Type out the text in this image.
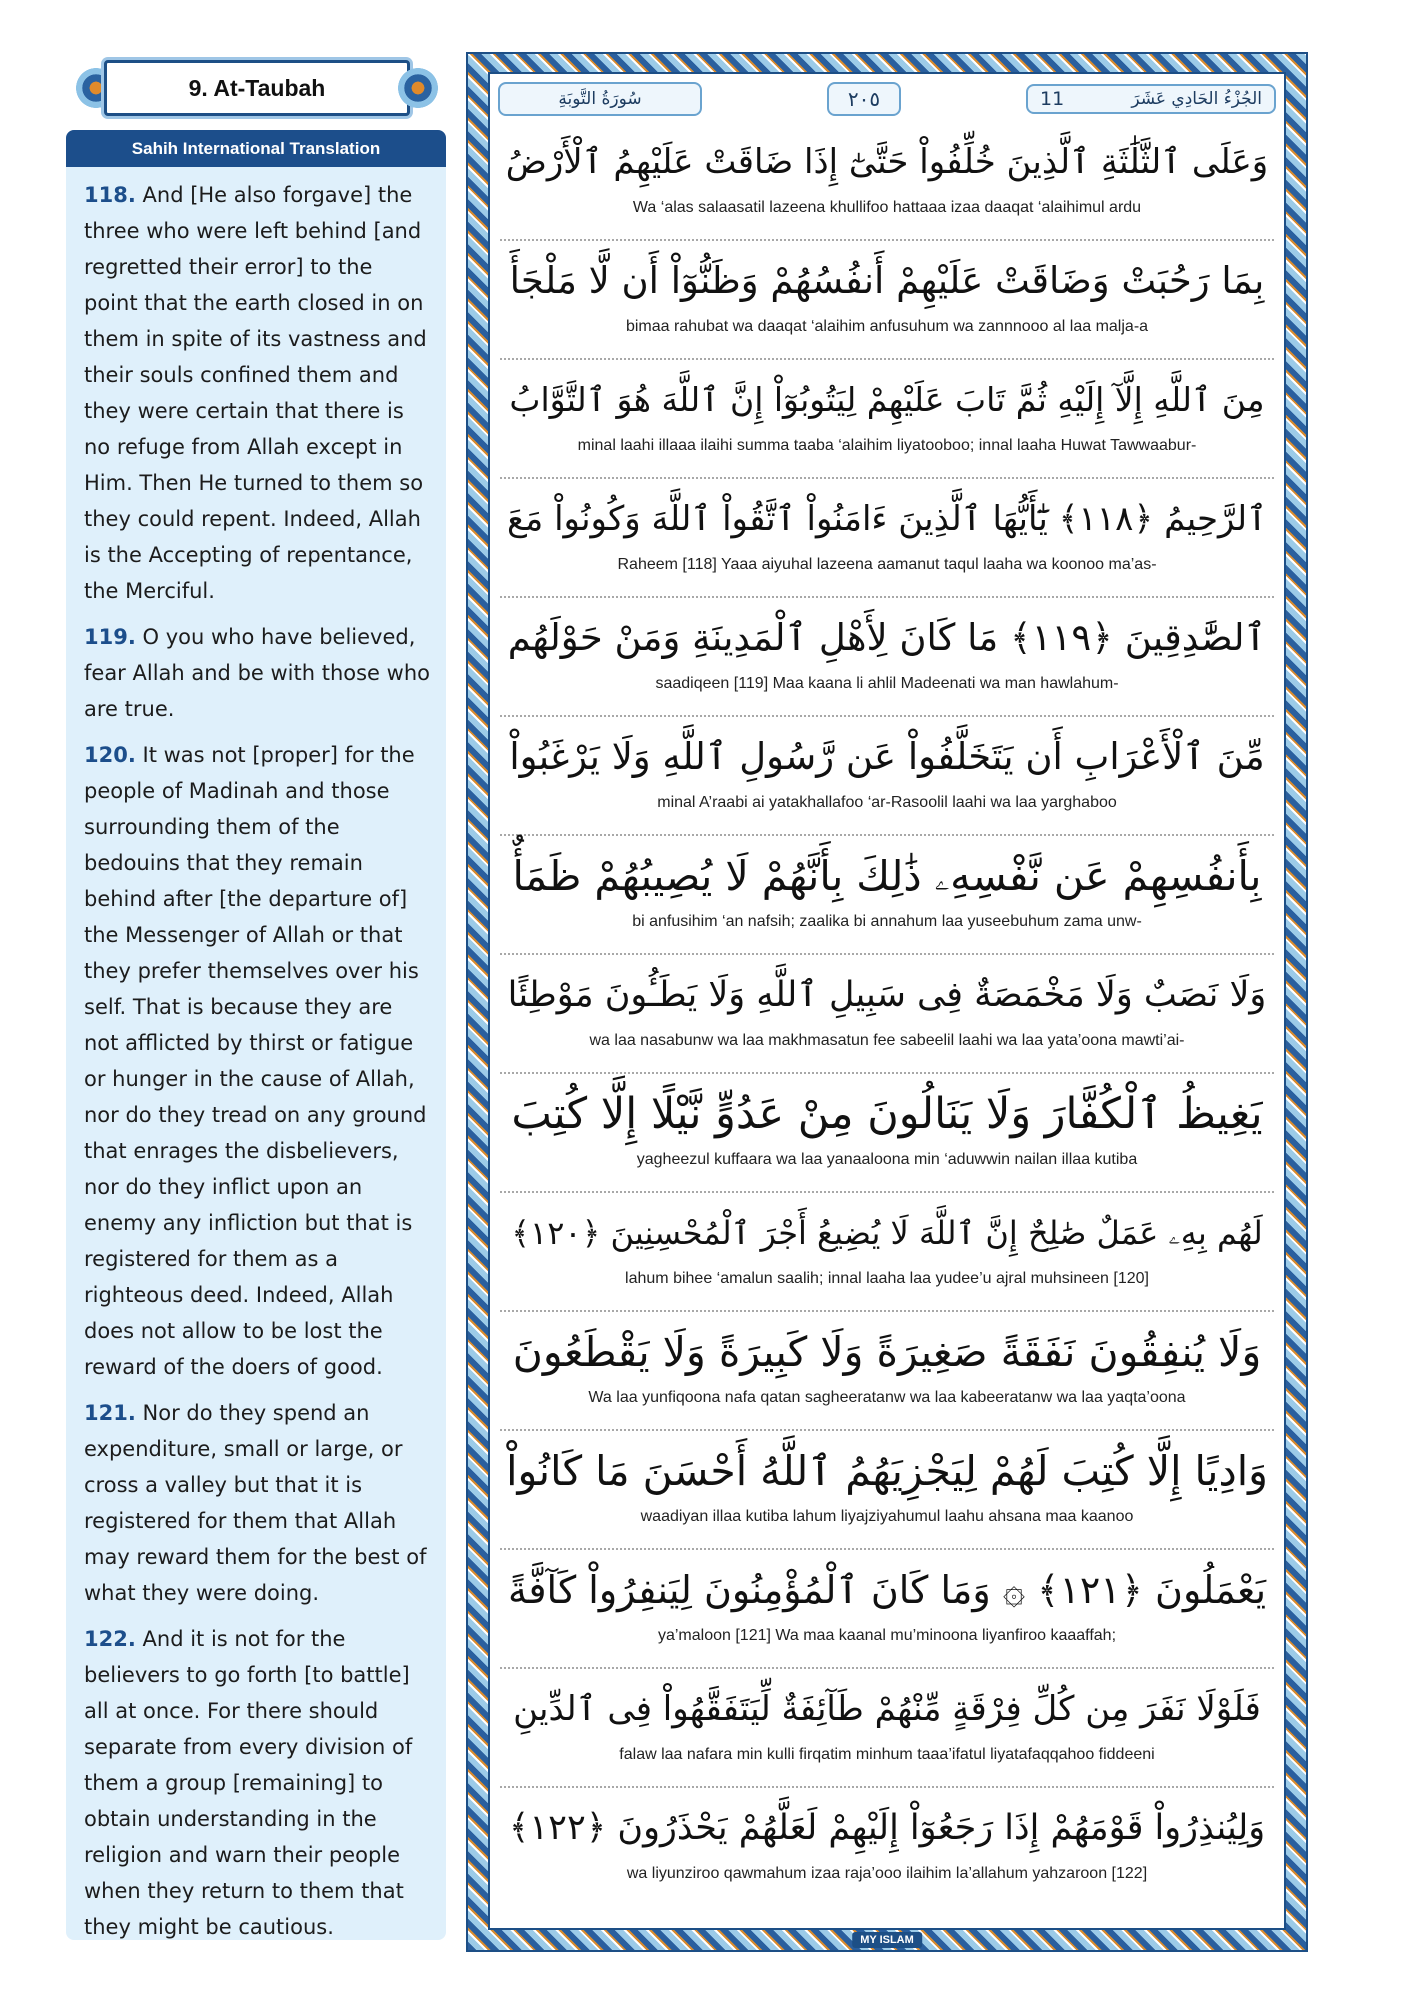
9. At-Taubah
Sahih International Translation

118. And [He also forgave] the three who were left behind [and regretted their error] to the point that the earth closed in on them in spite of its vastness and their souls confined them and they were certain that there is no refuge from Allah except in Him. Then He turned to them so they could repent. Indeed, Allah is the Accepting of repentance, the Merciful.

119. O you who have believed, fear Allah and be with those who are true.

120. It was not [proper] for the people of Madinah and those surrounding them of the bedouins that they remain behind after [the departure of] the Messenger of Allah or that they prefer themselves over his self. That is because they are not afflicted by thirst or fatigue or hunger in the cause of Allah, nor do they tread on any ground that enrages the disbelievers, nor do they inflict upon an enemy any infliction but that is registered for them as a righteous deed. Indeed, Allah does not allow to be lost the reward of the doers of good.

121. Nor do they spend an expenditure, small or large, or cross a valley but that it is registered for them that Allah may reward them for the best of what they were doing.

122. And it is not for the believers to go forth [to battle] all at once. For there should separate from every division of them a group [remaining] to obtain understanding in the religion and warn their people when they return to them that they might be cautious.

سُورَةُ التَّوبَةِ	٢٠٥	11	الجُزْءُ الحَادِي عَشَرَ
وَعَلَى ٱلثَّلَٰثَةِ ٱلَّذِينَ خُلِّفُواْ حَتَّىٰٓ إِذَا ضَاقَتْ عَلَيْهِمُ ٱلْأَرْضُ
Wa ‘alas salaasatil lazeena khullifoo hattaaa izaa daaqat ‘alaihimul ardu
بِمَا رَحُبَتْ وَضَاقَتْ عَلَيْهِمْ أَنفُسُهُمْ وَظَنُّوٓاْ أَن لَّا مَلْجَأَ
bimaa rahubat wa daaqat ‘alaihim anfusuhum wa zannnooo al laa malja-a
مِنَ ٱللَّهِ إِلَّآ إِلَيْهِ ثُمَّ تَابَ عَلَيْهِمْ لِيَتُوبُوٓاْ إِنَّ ٱللَّهَ هُوَ ٱلتَّوَّابُ
minal laahi illaaa ilaihi summa taaba ‘alaihim liyatooboo; innal laaha Huwat Tawwaabur-
ٱلرَّحِيمُ ﴿١١٨﴾ يَٰٓأَيُّهَا ٱلَّذِينَ ءَامَنُواْ ٱتَّقُواْ ٱللَّهَ وَكُونُواْ مَعَ
Raheem [118] Yaaa aiyuhal lazeena aamanut taqul laaha wa koonoo ma’as-
ٱلصَّٰدِقِينَ ﴿١١٩﴾ مَا كَانَ لِأَهْلِ ٱلْمَدِينَةِ وَمَنْ حَوْلَهُم
saadiqeen [119] Maa kaana li ahlil Madeenati wa man hawlahum-
مِّنَ ٱلْأَعْرَابِ أَن يَتَخَلَّفُواْ عَن رَّسُولِ ٱللَّهِ وَلَا يَرْغَبُواْ
minal A’raabi ai yatakhallafoo ‘ar-Rasoolil laahi wa laa yarghaboo
بِأَنفُسِهِمْ عَن نَّفْسِهِۦ ذَٰلِكَ بِأَنَّهُمْ لَا يُصِيبُهُمْ ظَمَأٌ
bi anfusihim ‘an nafsih; zaalika bi annahum laa yuseebuhum zama unw-
وَلَا نَصَبٌ وَلَا مَخْمَصَةٌ فِى سَبِيلِ ٱللَّهِ وَلَا يَطَـُٔونَ مَوْطِئًا
wa laa nasabunw wa laa makhmasatun fee sabeelil laahi wa laa yata’oona mawti’ai-
يَغِيظُ ٱلْكُفَّارَ وَلَا يَنَالُونَ مِنْ عَدُوٍّ نَّيْلًا إِلَّا كُتِبَ
yagheezul kuffaara wa laa yanaaloona min ‘aduwwin nailan illaa kutiba
لَهُم بِهِۦ عَمَلٌ صَٰلِحٌ إِنَّ ٱللَّهَ لَا يُضِيعُ أَجْرَ ٱلْمُحْسِنِينَ ﴿١٢٠﴾
lahum bihee ‘amalun saalih; innal laaha laa yudee’u ajral muhsineen [120]
وَلَا يُنفِقُونَ نَفَقَةً صَغِيرَةً وَلَا كَبِيرَةً وَلَا يَقْطَعُونَ
Wa laa yunfiqoona nafa qatan sagheeratanw wa laa kabeeratanw wa laa yaqta’oona
وَادِيًا إِلَّا كُتِبَ لَهُمْ لِيَجْزِيَهُمُ ٱللَّهُ أَحْسَنَ مَا كَانُواْ
waadiyan illaa kutiba lahum liyajziyahumul laahu ahsana maa kaanoo
يَعْمَلُونَ ﴿١٢١﴾ ۞ وَمَا كَانَ ٱلْمُؤْمِنُونَ لِيَنفِرُواْ كَآفَّةً
ya’maloon [121] Wa maa kaanal mu’minoona liyanfiroo kaaaffah;
فَلَوْلَا نَفَرَ مِن كُلِّ فِرْقَةٍ مِّنْهُمْ طَآئِفَةٌ لِّيَتَفَقَّهُواْ فِى ٱلدِّينِ
falaw laa nafara min kulli firqatim minhum taaa’ifatul liyatafaqqahoo fiddeeni
وَلِيُنذِرُواْ قَوْمَهُمْ إِذَا رَجَعُوٓاْ إِلَيْهِمْ لَعَلَّهُمْ يَحْذَرُونَ ﴿١٢٢﴾
wa liyunziroo qawmahum izaa raja’ooo ilaihim la’allahum yahzaroon [122]
MY ISLAM
